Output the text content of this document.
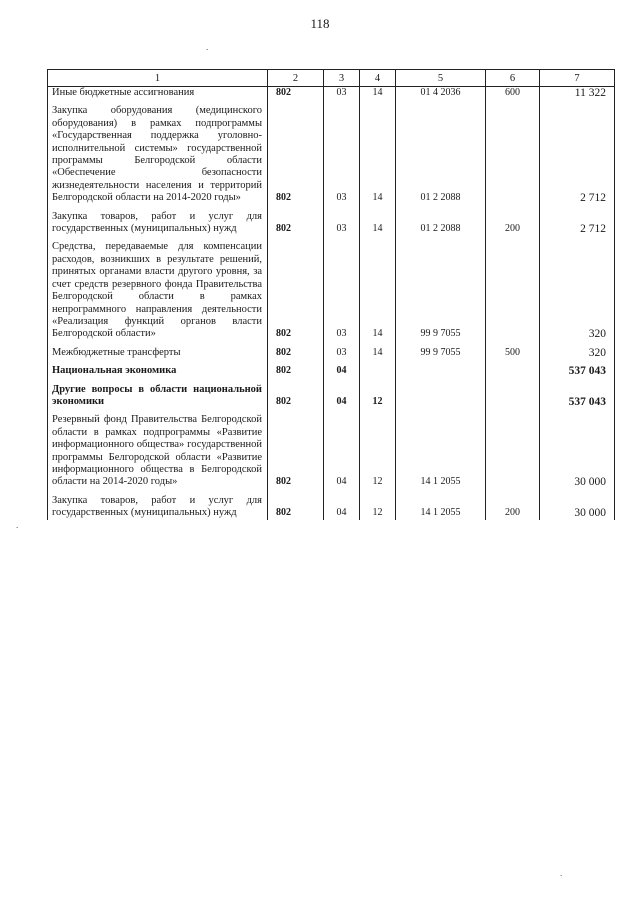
118
1	2	3	4	5	6	7
Иные бюджетные ассигнования	802	03	14	01 4 2036	600	11 322

Закупка оборудования (медицинского оборудования) в рамках подпрограммы «Государственная поддержка уголовно-исполнительной системы» государственной программы Белгородской области «Обеспечение безопасности жизнедеятельности населения и территорий Белгородской области на 2014-2020 годы»	802	03	14	01 2 2088		2 712

Закупка товаров, работ и услуг для государственных (муниципальных) нужд	802	03	14	01 2 2088	200	2 712

Средства, передаваемые для компенсации расходов, возникших в результате решений, принятых органами власти другого уровня, за счет средств резервного фонда Правительства Белгородской области в рамках непрограммного направления деятельности «Реализация функций органов власти Белгородской области»	802	03	14	99 9 7055		320

Межбюджетные трансферты	802	03	14	99 9 7055	500	320

Национальная экономика	802	04				537 043

Другие вопросы в области национальной экономики	802	04	12			537 043

Резервный фонд Правительства Белгородской области в рамках подпрограммы «Развитие информационного общества» государственной программы Белгородской области «Развитие информационного общества в Белгородской области на 2014-2020 годы»	802	04	12	14 1 2055		30 000

Закупка товаров, работ и услуг для государственных (муниципальных) нужд	802	04	12	14 1 2055	200	30 000
.
.
.
